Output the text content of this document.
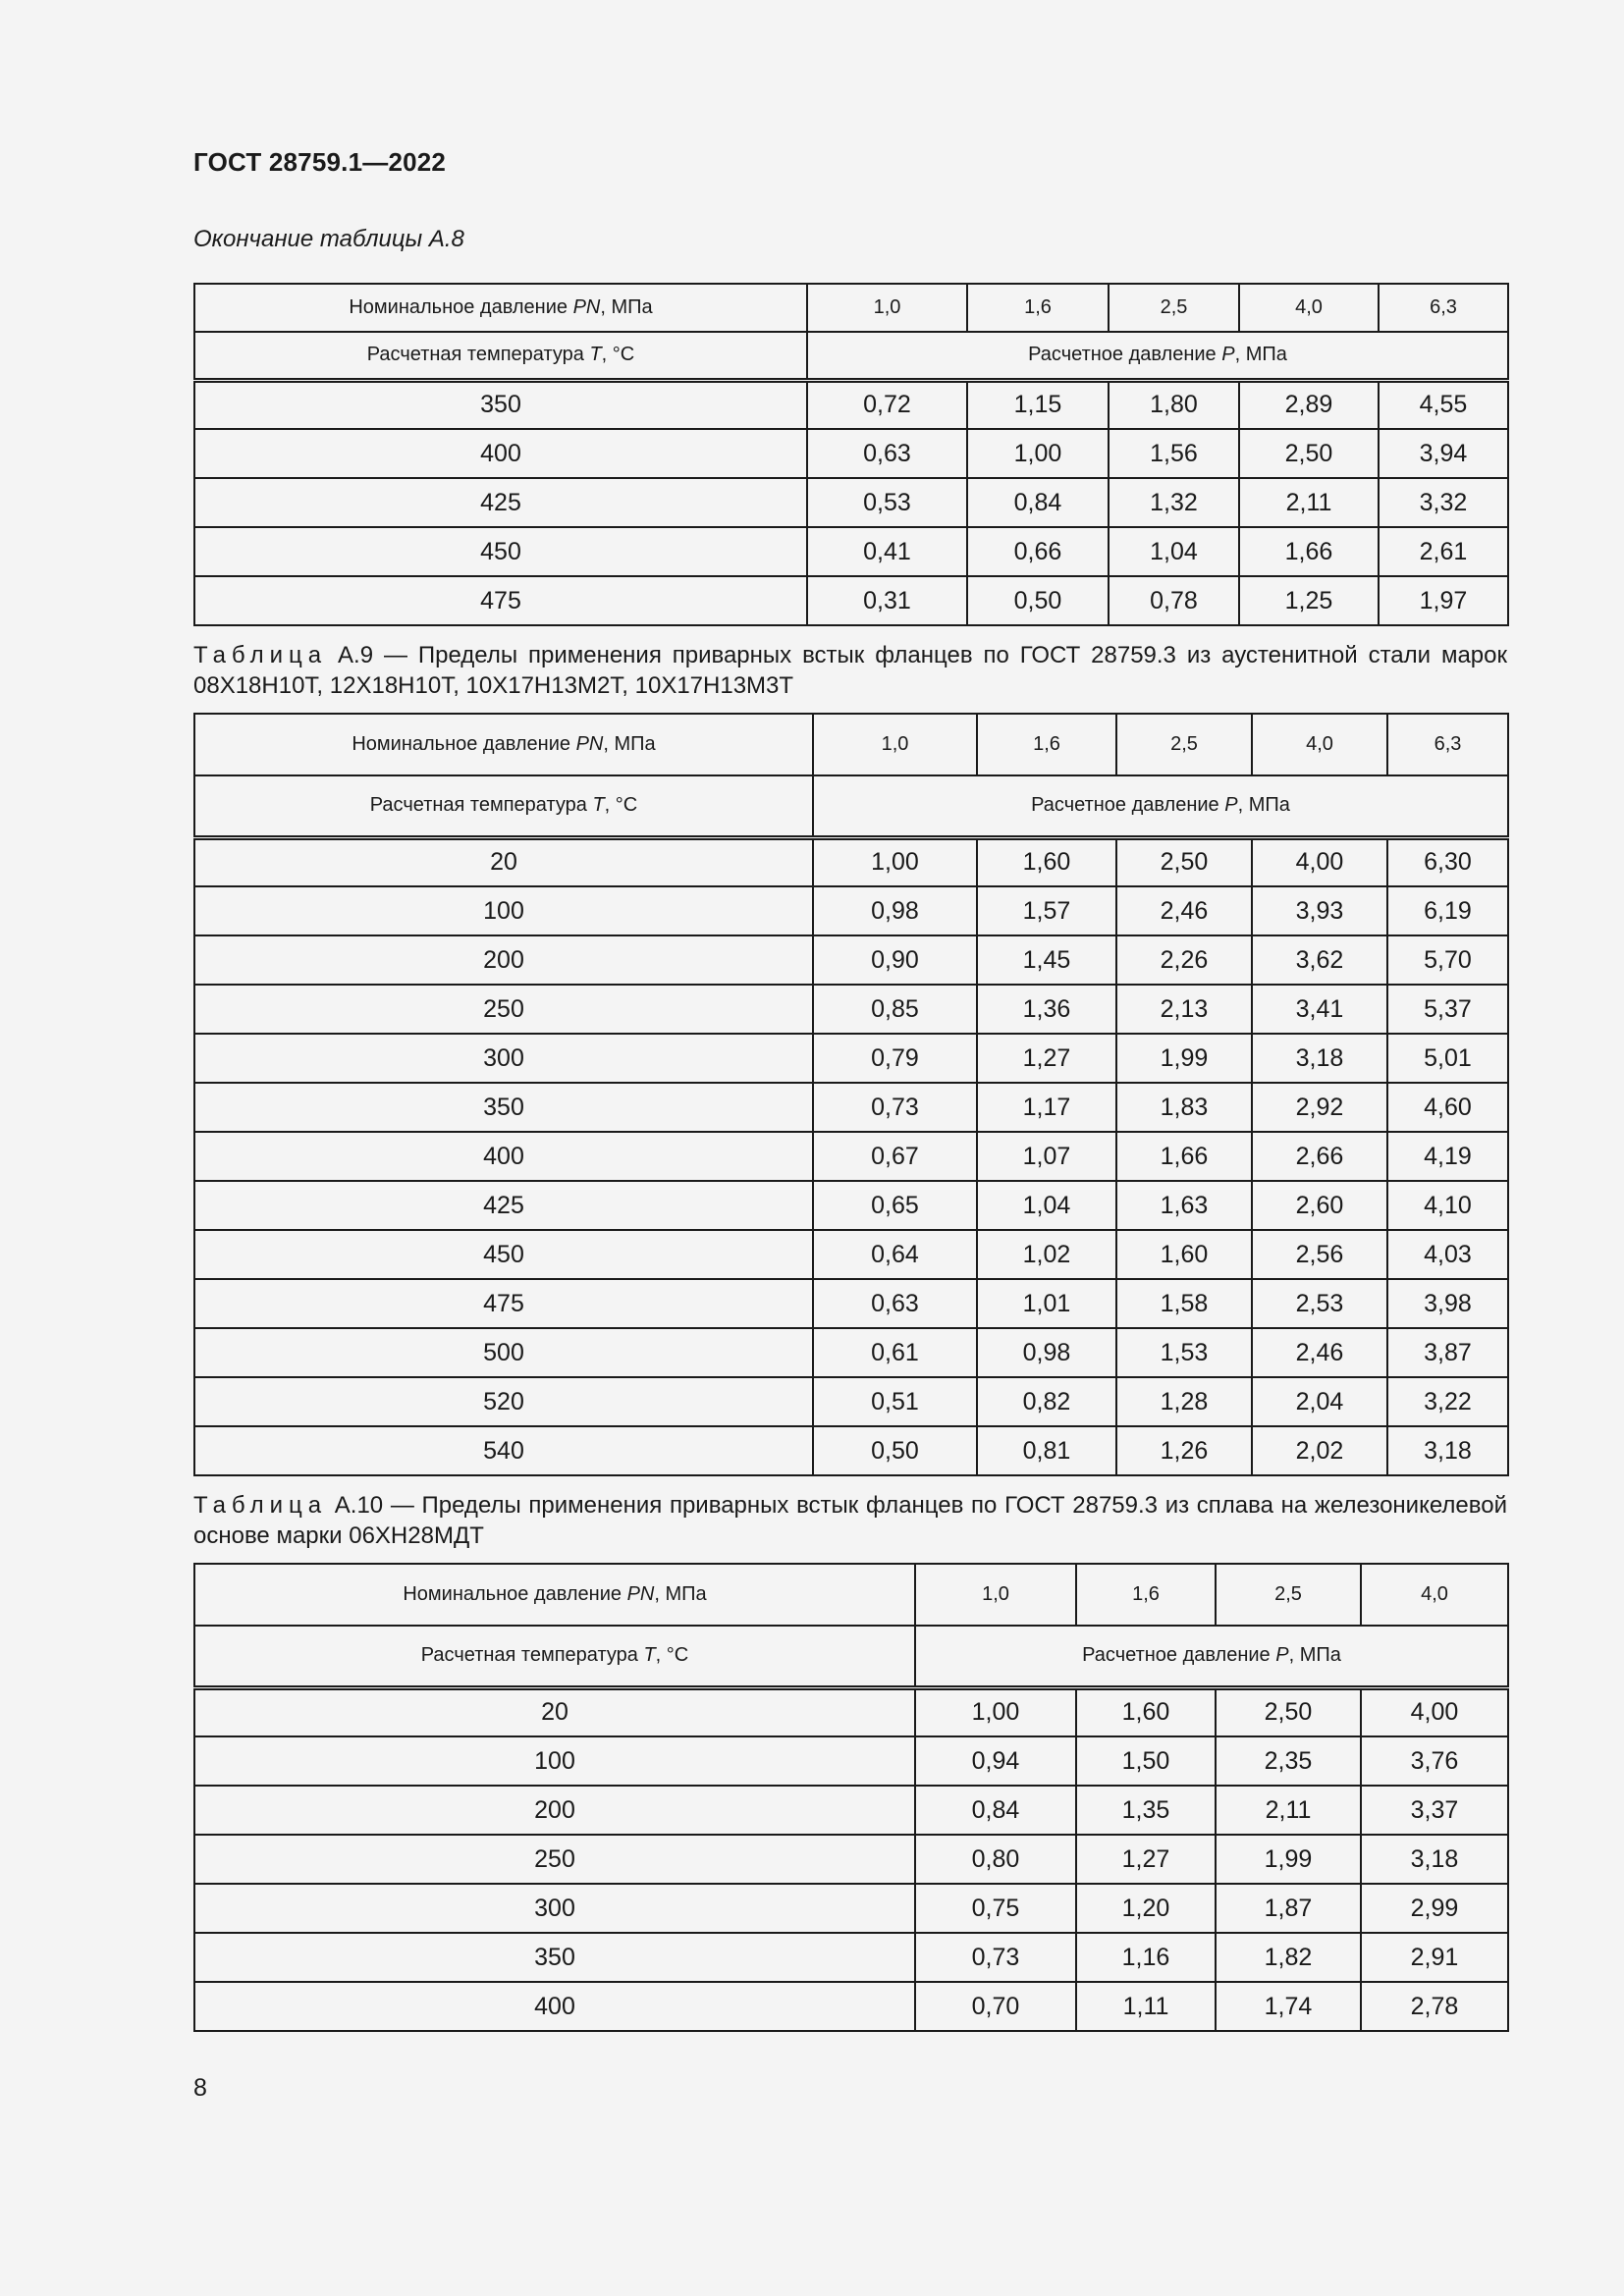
ГОСТ 28759.1—2022
Окончание таблицы А.8
Номинальное давление PN, МПа	1,0	1,6	2,5	4,0	6,3
Расчетная температура T, °С	Расчетное давление P, МПа				
350	0,72	1,15	1,80	2,89	4,55
400	0,63	1,00	1,56	2,50	3,94
425	0,53	0,84	1,32	2,11	3,32
450	0,41	0,66	1,04	1,66	2,61
475	0,31	0,50	0,78	1,25	1,97
Таблица А.9 — Пределы применения приварных встык фланцев по ГОСТ 28759.3 из аустенитной стали марок 08Х18Н10Т, 12Х18Н10Т, 10Х17Н13М2Т, 10Х17Н13М3Т
Номинальное давление PN, МПа	1,0	1,6	2,5	4,0	6,3
Расчетная температура T, °С	Расчетное давление P, МПа				
20	1,00	1,60	2,50	4,00	6,30
100	0,98	1,57	2,46	3,93	6,19
200	0,90	1,45	2,26	3,62	5,70
250	0,85	1,36	2,13	3,41	5,37
300	0,79	1,27	1,99	3,18	5,01
350	0,73	1,17	1,83	2,92	4,60
400	0,67	1,07	1,66	2,66	4,19
425	0,65	1,04	1,63	2,60	4,10
450	0,64	1,02	1,60	2,56	4,03
475	0,63	1,01	1,58	2,53	3,98
500	0,61	0,98	1,53	2,46	3,87
520	0,51	0,82	1,28	2,04	3,22
540	0,50	0,81	1,26	2,02	3,18
Таблица А.10 — Пределы применения приварных встык фланцев по ГОСТ 28759.3 из сплава на железоникелевой основе марки 06ХН28МДТ
Номинальное давление PN, МПа	1,0	1,6	2,5	4,0
Расчетная температура T, °С	Расчетное давление P, МПа			
20	1,00	1,60	2,50	4,00
100	0,94	1,50	2,35	3,76
200	0,84	1,35	2,11	3,37
250	0,80	1,27	1,99	3,18
300	0,75	1,20	1,87	2,99
350	0,73	1,16	1,82	2,91
400	0,70	1,11	1,74	2,78
8
